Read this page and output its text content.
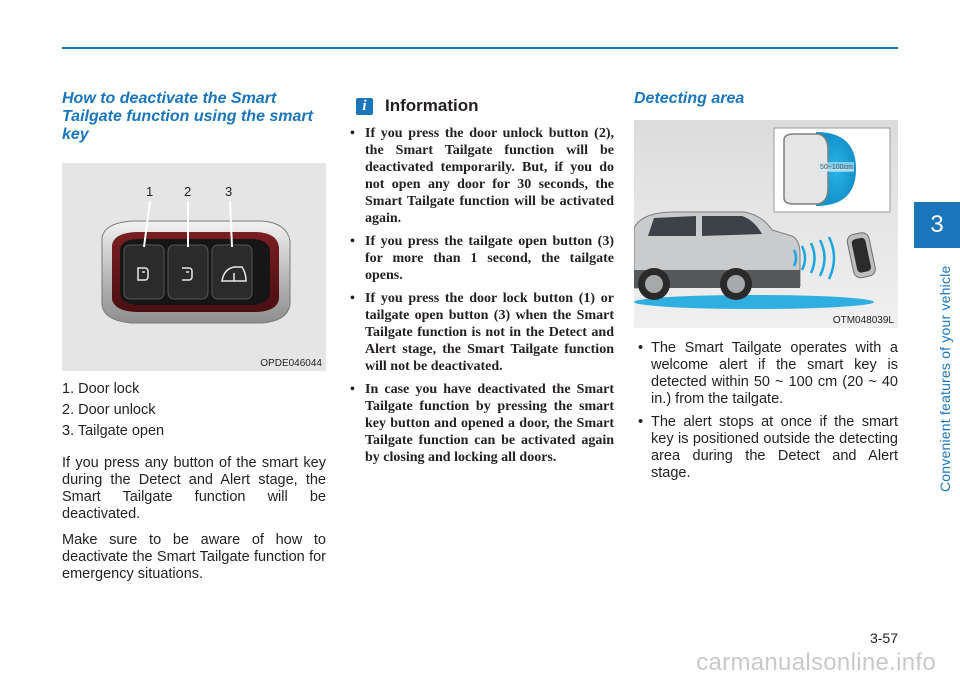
3
Convenient features of your vehicle
How to deactivate the Smart Tailgate function using the smart key
1 2	3
OPDE046044
1. Door lock
2. Door unlock
3. Tailgate open

If you press any button of the smart key during the Detect and Alert stage, the Smart Tailgate function will be deactivated.

Make sure to be aware of how to deactivate the Smart Tailgate function for emergency situations.

i	Information
• If you press the door unlock button (2), the Smart Tailgate function will be deactivated temporarily. But, if you do not open any door for 30 seconds, the Smart Tailgate function will be activated again.
• If you press the tailgate open button (3) for more than 1 second, the tailgate opens.
• If you press the door lock button (1) or tailgate open button (3) when the Smart Tailgate function is not in the Detect and Alert stage, the Smart Tailgate function will not be deactivated.
• In case you have deactivated the Smart Tailgate function by pressing the smart key button and opened a door, the Smart Tailgate function can be activated again by closing and locking all doors.
Detecting area
50~100cm
OTM048039L
• The Smart Tailgate operates with a welcome alert if the smart key is detected within 50 ~ 100 cm (20 ~ 40 in.) from the tailgate.
• The alert stops at once if the smart key is positioned outside the detecting area during the Detect and Alert stage.
3-57
carmanualsonline.info
